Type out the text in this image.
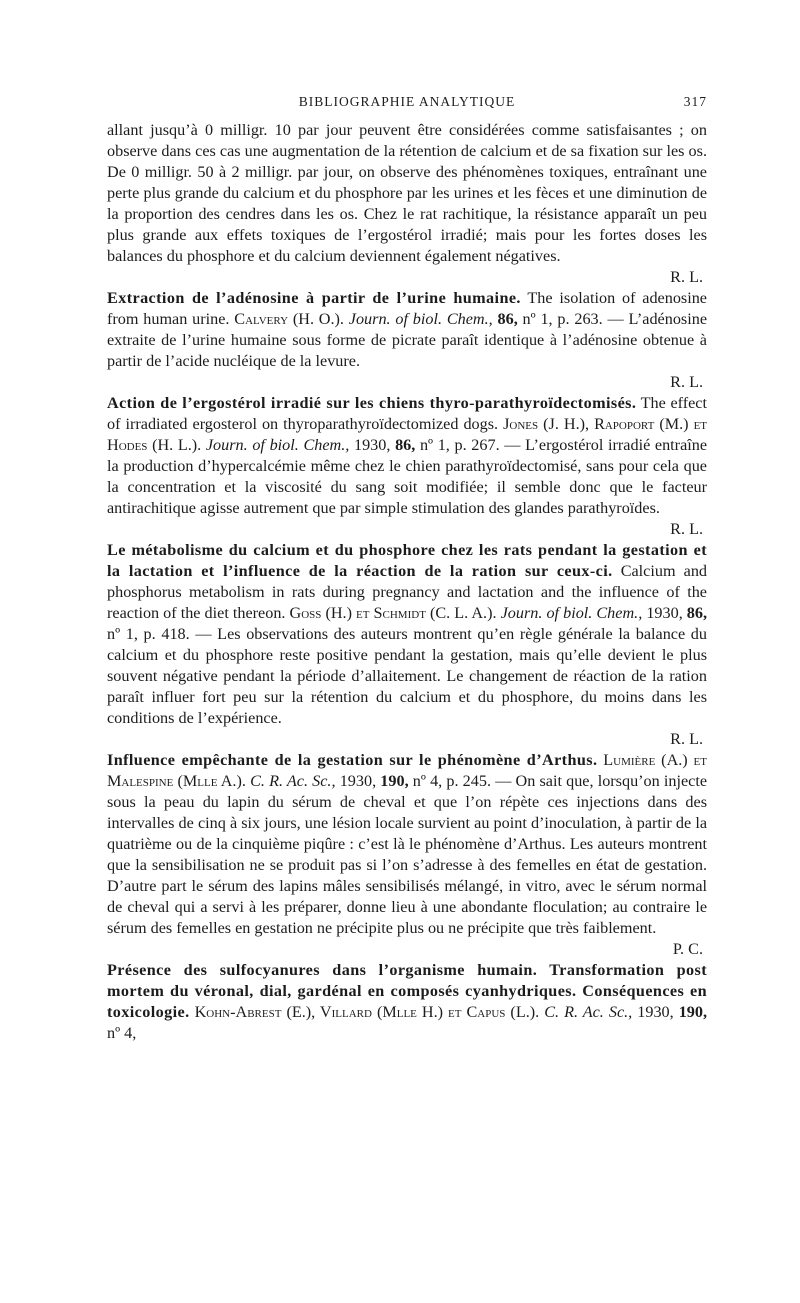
BIBLIOGRAPHIE ANALYTIQUE	317

allant jusqu’à 0 milligr. 10 par jour peuvent être considérées comme satisfaisantes ; on observe dans ces cas une augmentation de la rétention de calcium et de sa fixation sur les os. De 0 milligr. 50 à 2 milligr. par jour, on observe des phénomènes toxiques, entraînant une perte plus grande du calcium et du phosphore par les urines et les fèces et une diminution de la proportion des cendres dans les os. Chez le rat rachitique, la résistance apparaît un peu plus grande aux effets toxiques de l’ergostérol irradié; mais pour les fortes doses les balances du phosphore et du calcium deviennent également négatives.
R. L.

Extraction de l’adénosine à partir de l’urine humaine. The isolation of adenosine from human urine. Calvery (H. O.). Journ. of biol. Chem., 86, nº 1, p. 263. — L’adénosine extraite de l’urine humaine sous forme de picrate paraît identique à l’adénosine obtenue à partir de l’acide nucléique de la levure.
R. L.

Action de l’ergostérol irradié sur les chiens thyro-parathyroïdectomisés. The effect of irradiated ergosterol on thyroparathyroïdectomized dogs. Jones (J. H.), Rapoport (M.) et Hodes (H. L.). Journ. of biol. Chem., 1930, 86, nº 1, p. 267. — L’ergostérol irradié entraîne la production d’hypercalcémie même chez le chien parathyroïdectomisé, sans pour cela que la concentration et la viscosité du sang soit modifiée; il semble donc que le facteur antirachitique agisse autrement que par simple stimulation des glandes parathyroïdes.
R. L.

Le métabolisme du calcium et du phosphore chez les rats pendant la gestation et la lactation et l’influence de la réaction de la ration sur ceux-ci. Calcium and phosphorus metabolism in rats during pregnancy and lactation and the influence of the reaction of the diet thereon. Goss (H.) et Schmidt (C. L. A.). Journ. of biol. Chem., 1930, 86, nº 1, p. 418. — Les observations des auteurs montrent qu’en règle générale la balance du calcium et du phosphore reste positive pendant la gestation, mais qu’elle devient le plus souvent négative pendant la période d’allaitement. Le changement de réaction de la ration paraît influer fort peu sur la rétention du calcium et du phosphore, du moins dans les conditions de l’expérience.
R. L.

Influence empêchante de la gestation sur le phénomène d’Arthus. Lumière (A.) et Malespine (Mlle A.). C. R. Ac. Sc., 1930, 190, nº 4, p. 245. — On sait que, lorsqu’on injecte sous la peau du lapin du sérum de cheval et que l’on répète ces injections dans des intervalles de cinq à six jours, une lésion locale survient au point d’inoculation, à partir de la quatrième ou de la cinquième piqûre : c’est là le phénomène d’Arthus. Les auteurs montrent que la sensibilisation ne se produit pas si l’on s’adresse à des femelles en état de gestation. D’autre part le sérum des lapins mâles sensibilisés mélangé, in vitro, avec le sérum normal de cheval qui a servi à les préparer, donne lieu à une abondante floculation; au contraire le sérum des femelles en gestation ne précipite plus ou ne précipite que très faiblement.
P. C.

Présence des sulfocyanures dans l’organisme humain. Transformation post mortem du véronal, dial, gardénal en composés cyanhydriques. Conséquences en toxicologie. Kohn-Abrest (E.), Villard (Mlle H.) et Capus (L.). C. R. Ac. Sc., 1930, 190, nº 4,
